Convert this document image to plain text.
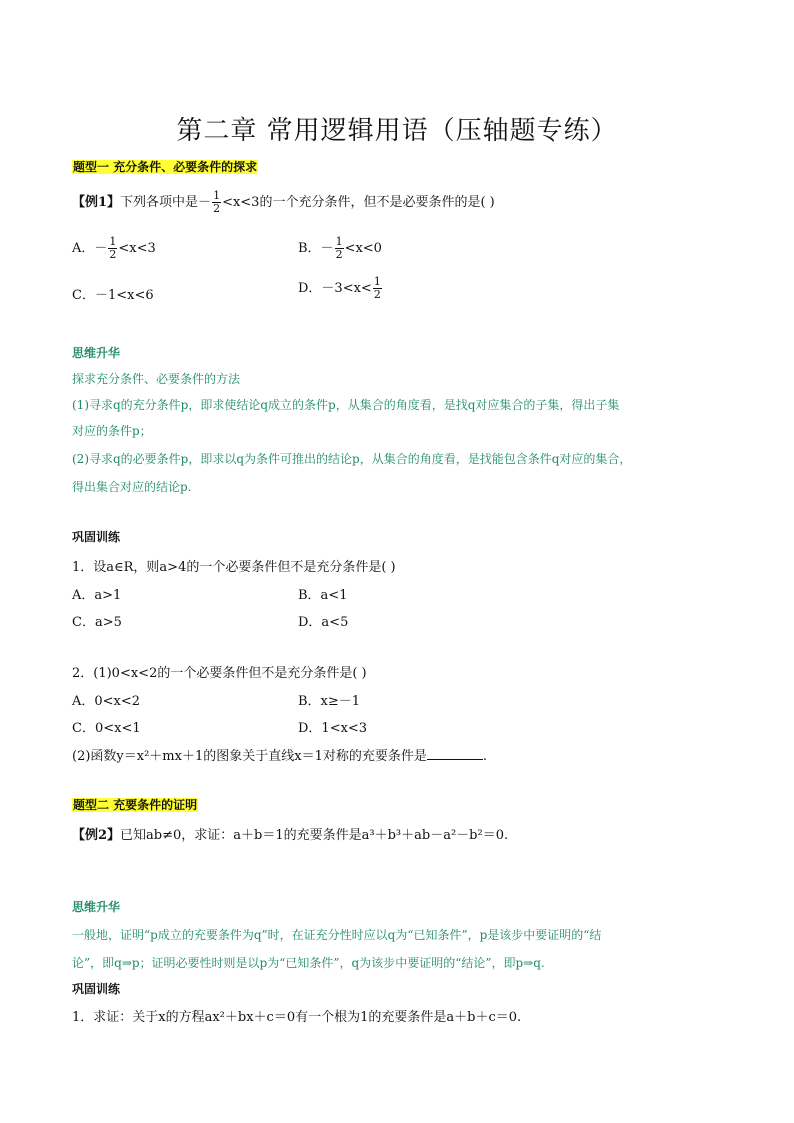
第二章 常用逻辑用语（压轴题专练）
题型一 充分条件、必要条件的探求
【例1】下列各项中是－ $\frac{1}{2} <x<3$的一个充分条件，但不是必要条件的是( )
A．－ $\frac{1}{2} <x<3$	B．－ $\frac{1}{2} <x<0$
C．－1<x<6	D．$-3<x< \frac{1}{2}$
思维升华
探求充分条件、必要条件的方法
(1)寻求q的充分条件p，即求使结论q成立的条件p，从集合的角度看，是找q对应集合的子集，得出子集
对应的条件p；
(2)寻求q的必要条件p，即求以q为条件可推出的结论p，从集合的角度看，是找能包含条件q对应的集合，
得出集合对应的结论p.
巩固训练
1．设a∈R，则a>4的一个必要条件但不是充分条件是( )
A．a>1	B．a<1
C．a>5	D．a<5
2．(1)0<x<2的一个必要条件但不是充分条件是( )
A．0<x<2	B．x≥－1
C．0<x<1	D．1<x<3
(2)函数y＝x²＋mx＋1的图象关于直线x＝1对称的充要条件是	.
题型二 充要条件的证明
【例2】已知ab≠0，求证：a＋b＝1的充要条件是a³＋b³＋ab－a²－b²＝0.
思维升华
一般地，证明“p成立的充要条件为q”时，在证充分性时应以q为“已知条件”，p是该步中要证明的“结
论”，即q⇒p；证明必要性时则是以p为“已知条件”，q为该步中要证明的“结论”，即p⇒q.
巩固训练
1．求证：关于x的方程ax²＋bx＋c＝0有一个根为1的充要条件是a＋b＋c＝0.
